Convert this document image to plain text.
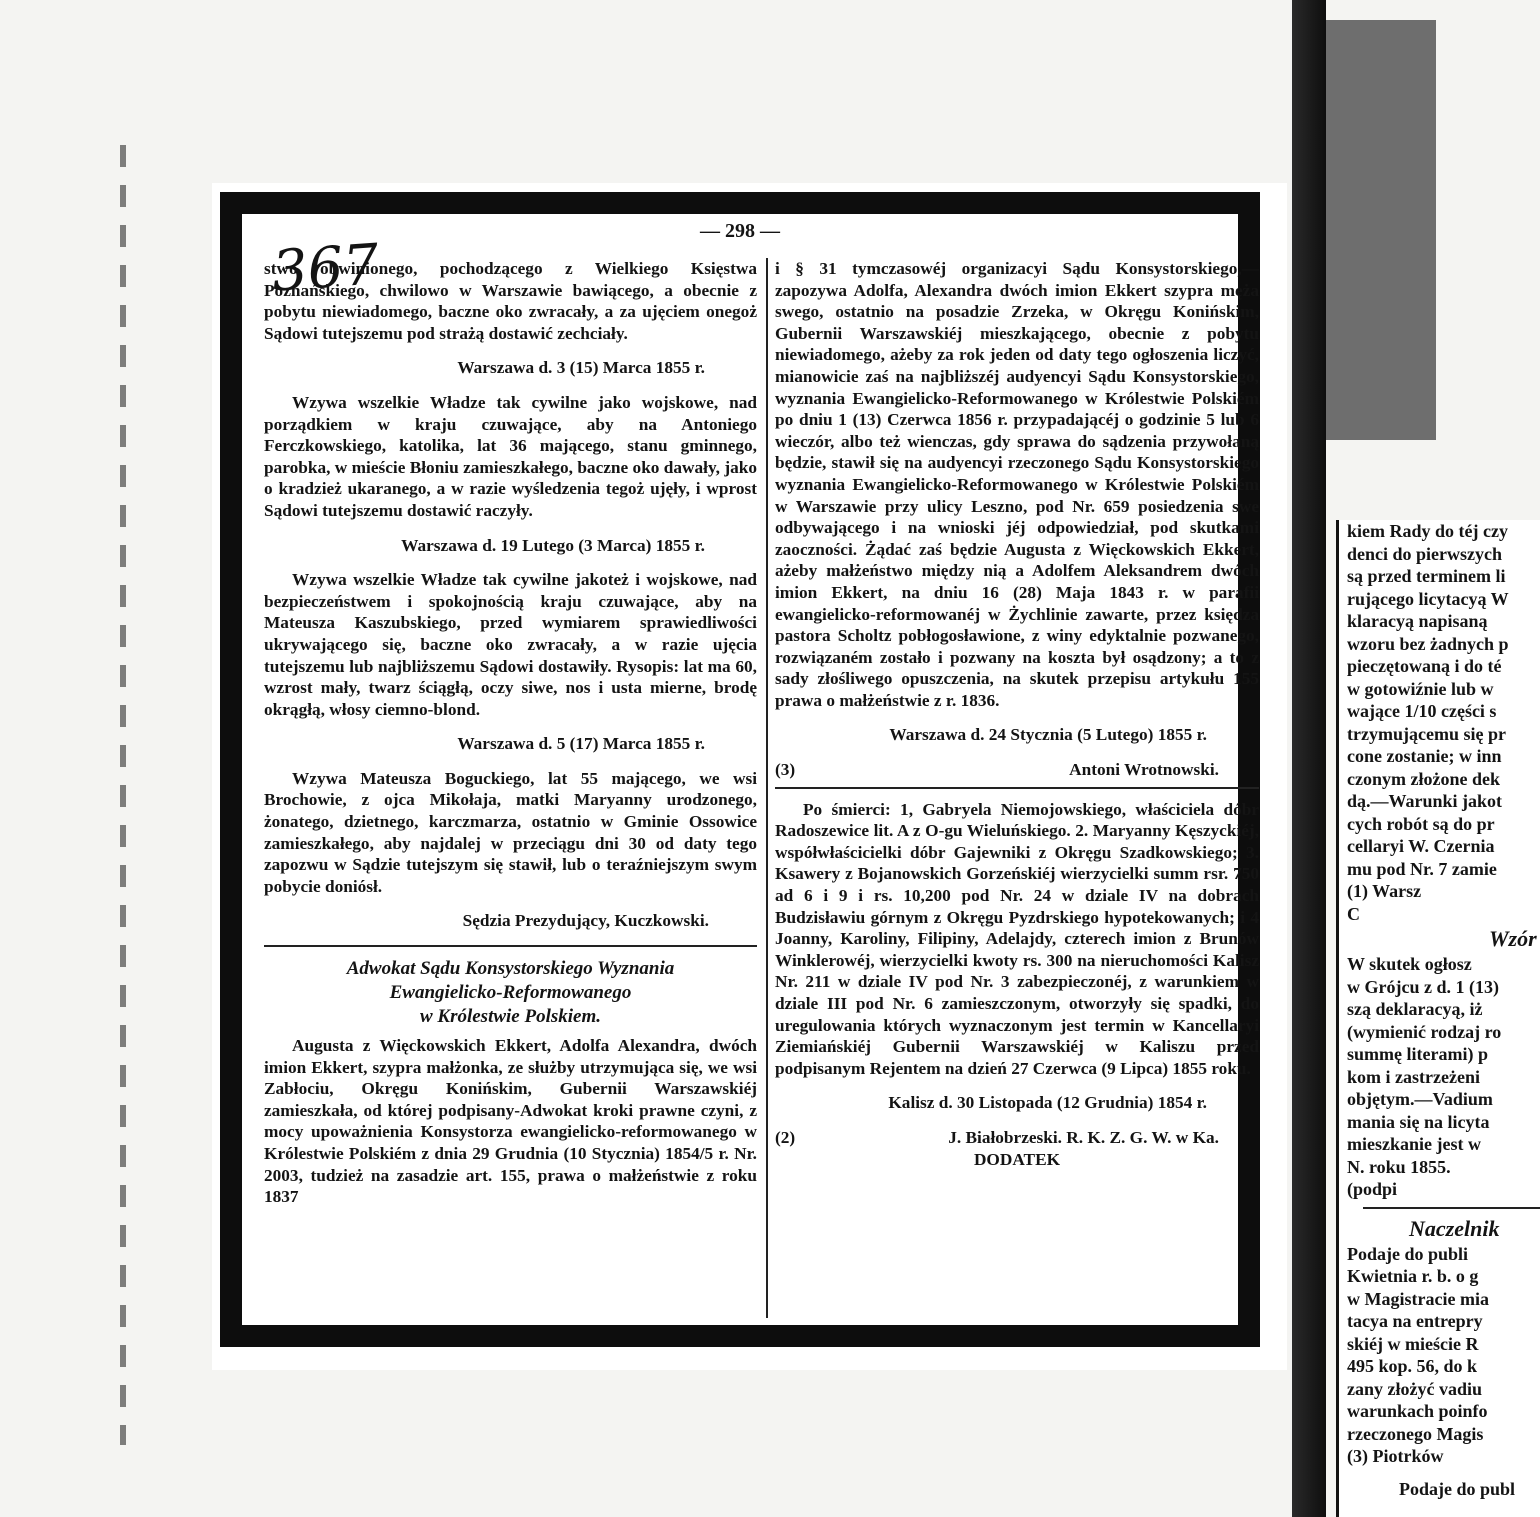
— 298 —
367

stwo obwinionego, pochodzącego z Wielkiego Księstwa Poznańskiego, chwilowo w Warszawie bawiącego, a obecnie z pobytu niewiadomego, baczne oko zwracały, a za ujęciem onegoż Sądowi tutejszemu pod strażą dostawić zechciały.

Warszawa d. 3 (15) Marca 1855 r.

Wzywa wszelkie Władze tak cywilne jako wojskowe, nad porządkiem w kraju czuwające, aby na Antoniego Ferczkowskiego, katolika, lat 36 mającego, stanu gminnego, parobka, w mieście Błoniu zamieszkałego, baczne oko dawały, jako o kradzież ukaranego, a w razie wyśledzenia tegoż ujęły, i wprost Sądowi tutejszemu dostawić raczyły.

Warszawa d. 19 Lutego (3 Marca) 1855 r.

Wzywa wszelkie Władze tak cywilne jakoteż i wojskowe, nad bezpieczeństwem i spokojnością kraju czuwające, aby na Mateusza Kaszubskiego, przed wymiarem sprawiedliwości ukrywającego się, baczne oko zwracały, a w razie ujęcia tutejszemu lub najbliższemu Sądowi dostawiły. Rysopis: lat ma 60, wzrost mały, twarz ściągłą, oczy siwe, nos i usta mierne, brodę okrągłą, włosy ciemno-blond.

Warszawa d. 5 (17) Marca 1855 r.

Wzywa Mateusza Boguckiego, lat 55 mającego, we wsi Brochowie, z ojca Mikołaja, matki Maryanny urodzonego, żonatego, dzietnego, karczmarza, ostatnio w Gminie Ossowice zamieszkałego, aby najdalej w przeciągu dni 30 od daty tego zapozwu w Sądzie tutejszym się stawił, lub o teraźniejszym swym pobycie doniósł.

Sędzia Prezydujący, Kuczkowski.

Adwokat Sądu Konsystorskiego Wyznania
Ewangielicko-Reformowanego
w Królestwie Polskiem.

Augusta z Więckowskich Ekkert, Adolfa Alexandra, dwóch imion Ekkert, szypra małżonka, ze służby utrzymująca się, we wsi Zabłociu, Okręgu Konińskim, Gubernii Warszawskiéj zamieszkała, od której podpisany-Adwokat kroki prawne czyni, z mocy upoważnienia Konsystorza ewangielicko-reformowanego w Królestwie Polskiém z dnia 29 Grudnia (10 Stycznia) 1854/5 r. Nr. 2003, tudzież na zasadzie art. 155, prawa o małżeństwie z roku 1837

i § 31 tymczasowéj organizacyi Sądu Konsystorskiego,—zapozywa Adolfa, Alexandra dwóch imion Ekkert szypra męża swego, ostatnio na posadzie Zrzeka, w Okręgu Konińskim, Gubernii Warszawskiéj mieszkającego, obecnie z pobytu niewiadomego, ażeby za rok jeden od daty tego ogłoszenia liczyć, mianowicie zaś na najbliższéj audyencyi Sądu Konsystorskiego, wyznania Ewangielicko-Reformowanego w Królestwie Polskiém po dniu 1 (13) Czerwca 1856 r. przypadającéj o godzinie 5 lub 6 wieczór, albo też wienczas, gdy sprawa do sądzenia przywołaną będzie, stawił się na audyencyi rzeczonego Sądu Konsystorskiego wyznania Ewangielicko-Reformowanego w Królestwie Polskiém w Warszawie przy ulicy Leszno, pod Nr. 659 posiedzenia swe odbywającego i na wnioski jéj odpowiedział, pod skutkami zaoczności. Żądać zaś będzie Augusta z Więckowskich Ekkert, ażeby małżeństwo między nią a Adolfem Aleksandrem dwóch imion Ekkert, na dniu 16 (28) Maja 1843 r. w parafii ewangielicko-reformowanéj w Żychlinie zawarte, przez księdza pastora Scholtz pobłogosławione, z winy edyktalnie pozwanego, rozwiązaném zostało i pozwany na koszta był osądzony; a to z sady złośliwego opuszczenia, na skutek przepisu artykułu 155 prawa o małżeństwie z r. 1836.

Warszawa d. 24 Stycznia (5 Lutego) 1855 r.

(3)	Antoni Wrotnowski.

Po śmierci: 1, Gabryela Niemojowskiego, właściciela dóbr Radoszewice lit. A z O-gu Wieluńskiego. 2. Maryanny Kęszyckiéj, współwłaścicielki dóbr Gajewniki z Okręgu Szadkowskiego; 3. Ksawery z Bojanowskich Gorzeńskiéj wierzycielki summ rsr. 750 ad 6 i 9 i rs. 10,200 pod Nr. 24 w dziale IV na dobrach Budzisławiu górnym z Okręgu Pyzdrskiego hypotekowanych; i 4 Joanny, Karoliny, Filipiny, Adelajdy, czterech imion z Brunów Winklerowéj, wierzycielki kwoty rs. 300 na nieruchomości Kalisz Nr. 211 w dziale IV pod Nr. 3 zabezpieczonéj, z warunkiem w dziale III pod Nr. 6 zamieszczonym, otworzyły się spadki, do uregulowania których wyznaczonym jest termin w Kancellaryi Ziemiańskiéj Gubernii Warszawskiéj w Kaliszu przed podpisanym Rejentem na dzień 27 Czerwca (9 Lipca) 1855 roku.

Kalisz d. 30 Listopada (12 Grudnia) 1854 r.

(2)	J. Białobrzeski. R. K. Z. G. W. w Ka.
DODATEK
kiem Rady do téj czy
denci do pierwszych
są przed terminem li
rującego licytacyą W
klaracyą napisaną
wzoru bez żadnych p
pieczętowaną i do té
w gotowiźnie lub w
wające 1/10 części s
trzymującemu się pr
cone zostanie; w inn
czonym złożone dek
dą.—Warunki jakot
cych robót są do pr
cellaryi W. Czernia
mu pod Nr. 7 zamie
(1) Warsz
C
Wzór
W skutek ogłosz
w Grójcu z d. 1 (13)
szą deklaracyą, iż
(wymienić rodzaj ro
summę literami) p
kom i zastrzeżeni
objętym.—Vadium
mania się na licyta
mieszkanie jest w
N. roku 1855.
(podpi
Naczelnik
Podaje do publi
Kwietnia r. b. o g
w Magistracie mia
tacya na entrepry
skiéj w mieście R
495 kop. 56, do k
zany złożyć vadiu
warunkach poinfo
rzeczonego Magis
(3) Piotrków
Podaje do publ
